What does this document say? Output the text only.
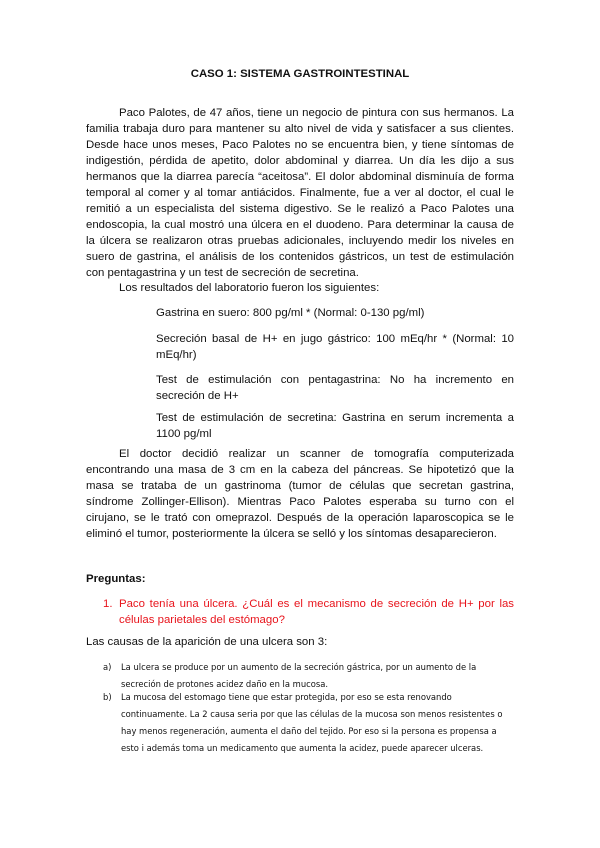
CASO 1: SISTEMA GASTROINTESTINAL

Paco Palotes, de 47 años, tiene un negocio de pintura con sus hermanos. La familia trabaja duro para mantener su alto nivel de vida y satisfacer a sus clientes. Desde hace unos meses, Paco Palotes no se encuentra bien, y tiene síntomas de indigestión, pérdida de apetito, dolor abdominal y diarrea. Un día les dijo a sus hermanos que la diarrea parecía “aceitosa”. El dolor abdominal disminuía de forma temporal al comer y al tomar antiácidos. Finalmente, fue a ver al doctor, el cual le remitió a un especialista del sistema digestivo. Se le realizó a Paco Palotes una endoscopia, la cual mostró una úlcera en el duodeno. Para determinar la causa de la úlcera se realizaron otras pruebas adicionales, incluyendo medir los niveles en suero de gastrina, el análisis de los contenidos gástricos, un test de estimulación con pentagastrina y un test de secreción de secretina.

Los resultados del laboratorio fueron los siguientes:

Gastrina en suero: 800 pg/ml * (Normal: 0-130 pg/ml)

Secreción basal de H+ en jugo gástrico: 100 mEq/hr * (Normal: 10 mEq/hr)

Test de estimulación con pentagastrina: No ha incremento en secreción de H+

Test de estimulación de secretina: Gastrina en serum incrementa a 1100 pg/ml

El doctor decidió realizar un scanner de tomografía computerizada encontrando una masa de 3 cm en la cabeza del páncreas. Se hipotetizó que la masa se trataba de un gastrinoma (tumor de células que secretan gastrina, síndrome Zollinger-Ellison). Mientras Paco Palotes esperaba su turno con el cirujano, se le trató con omeprazol. Después de la operación laparoscopica se le eliminó el tumor, posteriormente la úlcera se selló y los síntomas desaparecieron.

Preguntas:
1. Paco tenía una úlcera. ¿Cuál es el mecanismo de secreción de H+ por las células parietales del estómago?

Las causas de la aparición de una ulcera son 3:
a) La ulcera se produce por un aumento de la secreción gástrica, por un aumento de la secreción de protones acidez daño en la mucosa.

b) La mucosa del estomago tiene que estar protegida, por eso se esta renovando continuamente. La 2 causa seria por que las células de la mucosa son menos resistentes o hay menos regeneración, aumenta el daño del tejido. Por eso si la persona es propensa a esto i además toma un medicamento que aumenta la acidez, puede aparecer ulceras.
